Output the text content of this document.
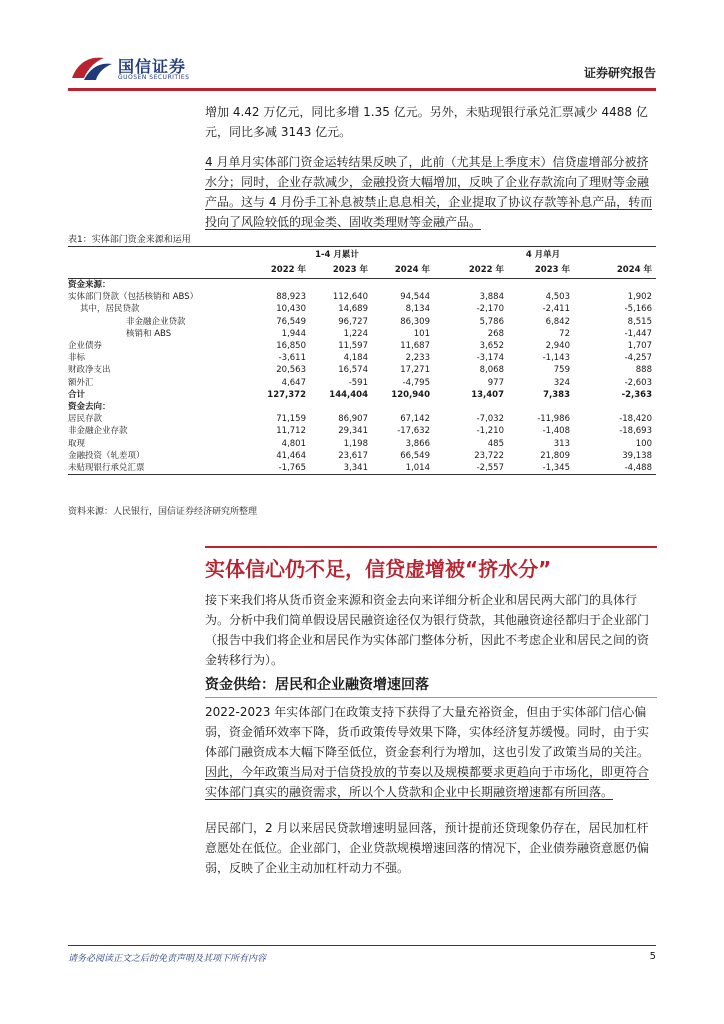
国信证券
GUOSEN SECURITIES	证券研究报告

增加 4.42 万亿元，同比多增 1.35 亿元。另外，未贴现银行承兑汇票减少 4488 亿元，同比多减 3143 亿元。

4 月单月实体部门资金运转结果反映了，此前（尤其是上季度末）信贷虚增部分被挤水分；同时，企业存款减少，金融投资大幅增加，反映了企业存款流向了理财等金融产品。这与 4 月份手工补息被禁止息息相关，企业提取了协议存款等补息产品，转而投向了风险较低的现金类、固收类理财等金融产品。

表1：实体部门资金来源和运用
	1-4 月累计			4 月单月		
	2022 年	2023 年	2024 年	2022 年	2023 年	2024 年
资金来源：						
实体部门贷款（包括核销和 ABS）	88,923	112,640	94,544	3,884	4,503	1,902
其中，居民贷款	10,430	14,689	8,134	-2,170	-2,411	-5,166
非金融企业贷款	76,549	96,727	86,309	5,786	6,842	8,515
核销和 ABS	1,944	1,224	101	268	72	-1,447
企业债券	16,850	11,597	11,687	3,652	2,940	1,707
非标	-3,611	4,184	2,233	-3,174	-1,143	-4,257
财政净支出	20,563	16,574	17,271	8,068	759	888
额外汇	4,647	-591	-4,795	977	324	-2,603
合计	127,372	144,404	120,940	13,407	7,383	-2,363
资金去向：						
居民存款	71,159	86,907	67,142	-7,032	-11,986	-18,420
非金融企业存款	11,712	29,341	-17,632	-1,210	-1,408	-18,693
取现	4,801	1,198	3,866	485	313	100
金融投资（轧差项）	41,464	23,617	66,549	23,722	21,809	39,138
未贴现银行承兑汇票	-1,765	3,341	1,014	-2,557	-1,345	-4,488
资料来源：人民银行，国信证券经济研究所整理
实体信心仍不足，信贷虚增被“挤水分”

接下来我们将从货币资金来源和资金去向来详细分析企业和居民两大部门的具体行为。分析中我们简单假设居民融资途径仅为银行贷款，其他融资途径都归于企业部门（报告中我们将企业和居民作为实体部门整体分析，因此不考虑企业和居民之间的资金转移行为）。

资金供给：居民和企业融资增速回落

2022-2023 年实体部门在政策支持下获得了大量充裕资金，但由于实体部门信心偏弱，资金循环效率下降，货币政策传导效果下降，实体经济复苏缓慢。同时，由于实体部门融资成本大幅下降至低位，资金套利行为增加，这也引发了政策当局的关注。因此，今年政策当局对于信贷投放的节奏以及规模都要求更趋向于市场化，即更符合实体部门真实的融资需求，所以个人贷款和企业中长期融资增速都有所回落。

居民部门，2 月以来居民贷款增速明显回落，预计提前还贷现象仍存在，居民加杠杆意愿处在低位。企业部门，企业贷款规模增速回落的情况下，企业债券融资意愿仍偏弱，反映了企业主动加杠杆动力不强。

请务必阅读正文之后的免责声明及其项下所有内容	5
